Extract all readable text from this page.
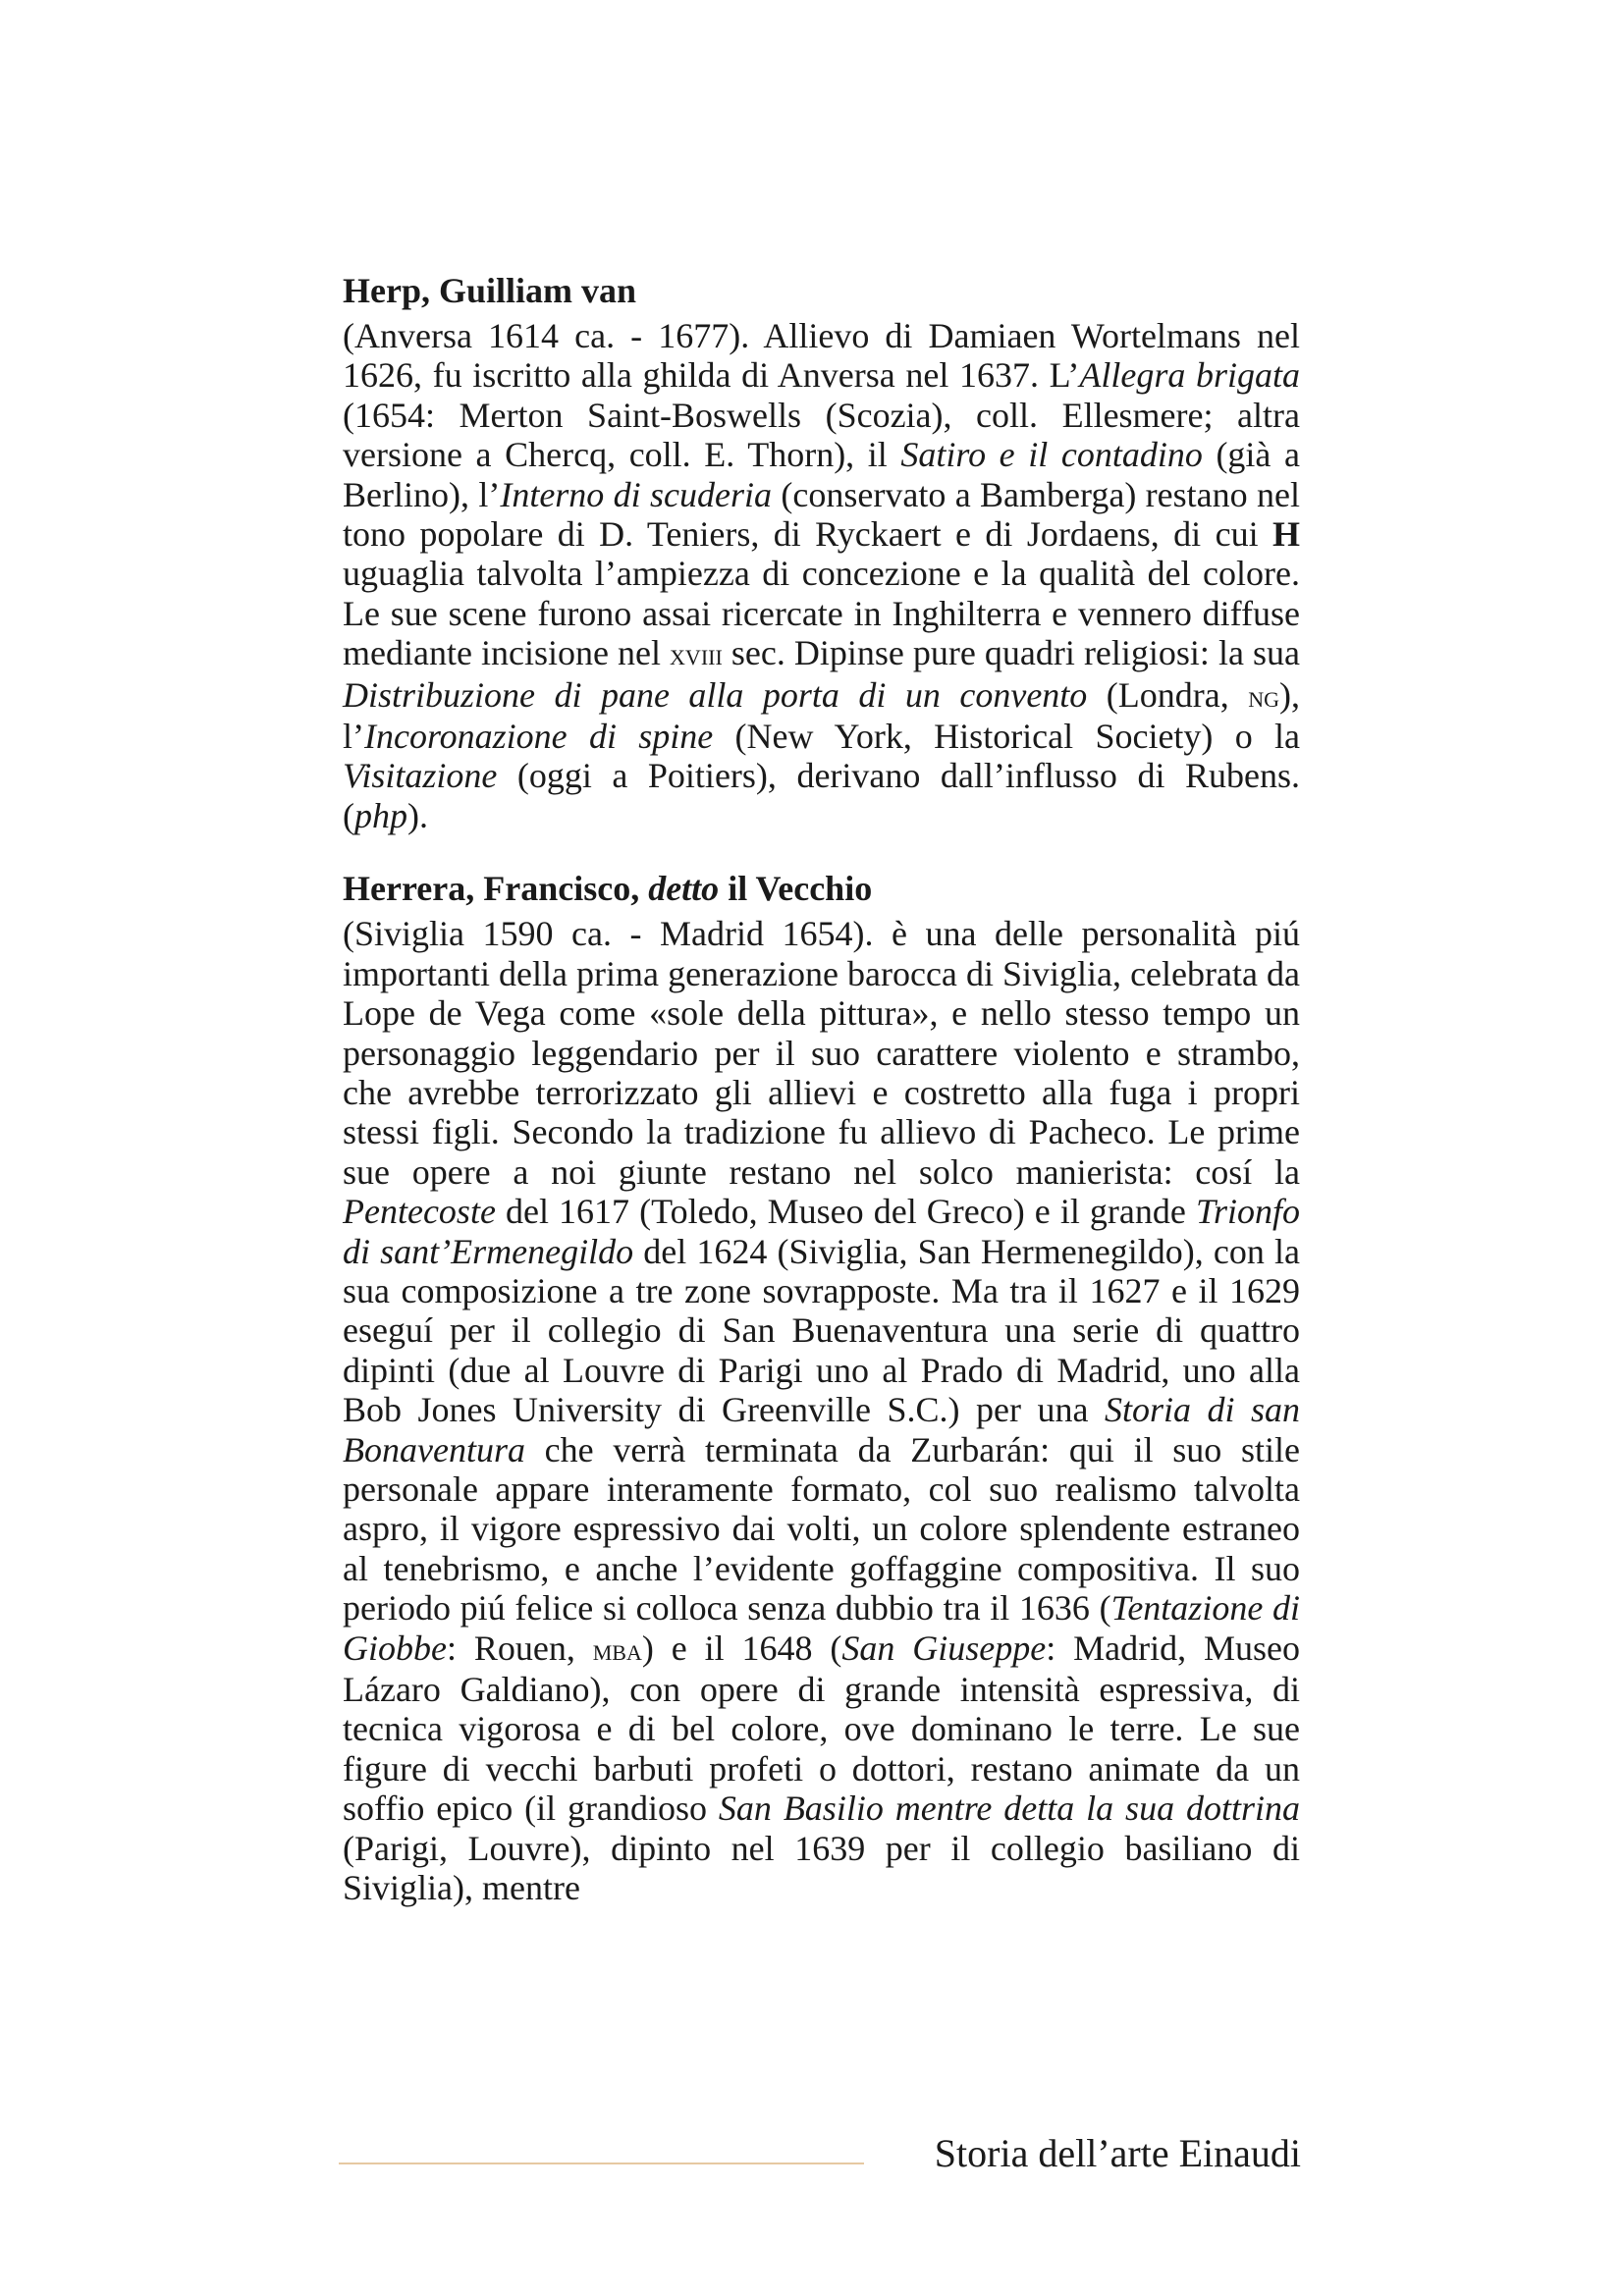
Herp, Guilliam van

(Anversa 1614 ca. - 1677). Allievo di Damiaen Wortelmans nel 1626, fu iscritto alla ghilda di Anversa nel 1637. L’Allegra brigata (1654: Merton Saint-Boswells (Scozia), coll. Ellesmere; altra versione a Chercq, coll. E. Thorn), il Satiro e il contadino (già a Berlino), l’Interno di scuderia (conservato a Bamberga) restano nel tono popolare di D. Teniers, di Ryckaert e di Jordaens, di cui H uguaglia talvolta l’ampiezza di concezione e la qualità del colore. Le sue scene furono assai ricercate in Inghilterra e vennero diffuse mediante incisione nel xviii sec. Dipinse pure quadri religiosi: la sua Distribuzione di pane alla porta di un convento (Londra, ng), l’Incoronazione di spine (New York, Historical Society) o la Visitazione (oggi a Poitiers), derivano dall’influsso di Rubens. (php).

Herrera, Francisco, detto il Vecchio

(Siviglia 1590 ca. - Madrid 1654). è una delle personalità piú importanti della prima generazione barocca di Siviglia, celebrata da Lope de Vega come «sole della pittura», e nello stesso tempo un personaggio leggendario per il suo carattere violento e strambo, che avrebbe terrorizzato gli allievi e costretto alla fuga i propri stessi figli. Secondo la tradizione fu allievo di Pacheco. Le prime sue opere a noi giunte restano nel solco manierista: cosí la Pentecoste del 1617 (Toledo, Museo del Greco) e il grande Trionfo di sant’Ermenegildo del 1624 (Siviglia, San Hermenegildo), con la sua composizione a tre zone sovrapposte. Ma tra il 1627 e il 1629 eseguí per il collegio di San Buenaventura una serie di quattro dipinti (due al Louvre di Parigi uno al Prado di Madrid, uno alla Bob Jones University di Greenville S.C.) per una Storia di san Bonaventura che verrà terminata da Zurbarán: qui il suo stile personale appare interamente formato, col suo realismo talvolta aspro, il vigore espressivo dai volti, un colore splendente estraneo al tenebrismo, e anche l’evidente goffaggine compositiva. Il suo periodo piú felice si colloca senza dubbio tra il 1636 (Tentazione di Giobbe: Rouen, mba) e il 1648 (San Giuseppe: Madrid, Museo Lázaro Galdiano), con opere di grande intensità espressiva, di tecnica vigorosa e di bel colore, ove dominano le terre. Le sue figure di vecchi barbuti profeti o dottori, restano animate da un soffio epico (il grandioso San Basilio mentre detta la sua dottrina (Parigi, Louvre), dipinto nel 1639 per il collegio basiliano di Siviglia), mentre

Storia dell’arte Einaudi
